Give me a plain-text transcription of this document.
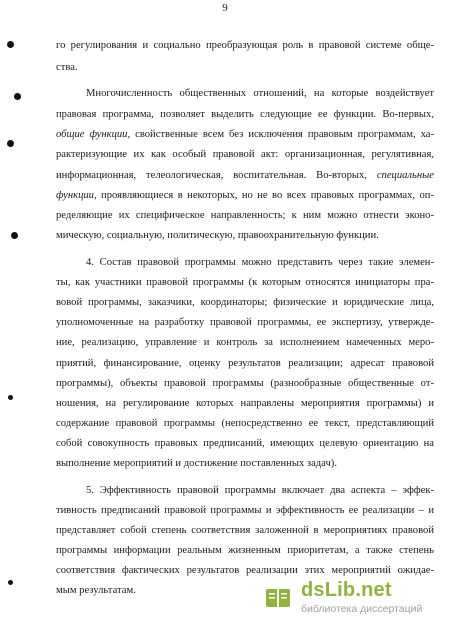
9
го регулирования и социально преобразующая роль в правовой системе обще-
ства.
Многочисленность общественных отношений, на которые воздействует
правовая программа, позволяет выделить следующие ее функции. Во-первых,
общие функции, свойственные всем без исключения правовым программам, ха-
рактеризующие их как особый правовой акт: организационная, регулятивная,
информационная, телеологическая, воспитательная. Во-вторых, специальные
функции, проявляющиеся в некоторых, но не во всех правовых программах, оп-
ределяющие их специфическое направленность; к ним можно отнести эконо-
мическую, социальную, политическую, правоохранительную функции.
4. Состав правовой программы можно представить через такие элемен-
ты, как участники правовой программы (к которым относятся инициаторы пра-
вовой программы, заказчики, координаторы; физические и юридические лица,
уполномоченные на разработку правовой программы, ее экспертизу, утвержде-
ние, реализацию, управление и контроль за исполнением намеченных меро-
приятий, финансирование, оценку результатов реализации; адресат правовой
программы), объекты правовой программы (разнообразные общественные от-
ношения, на регулирование которых направлены мероприятия программы) и
содержание правовой программы (непосредственно ее текст, представляющий
собой совокупность правовых предписаний, имеющих целевую ориентацию на
выполнение мероприятий и достижение поставленных задач).
5. Эффективность правовой программы включает два аспекта – эффек-
тивность предписаний правовой программы и эффективность ее реализации – и
представляет собой степень соответствия заложенной в мероприятиях правовой
программы информации реальным жизненным приоритетам, а также степень
соответствия фактических результатов реализации этих мероприятий ожидае-
мым результатам.	dsLib.net
библиотека диссертаций
